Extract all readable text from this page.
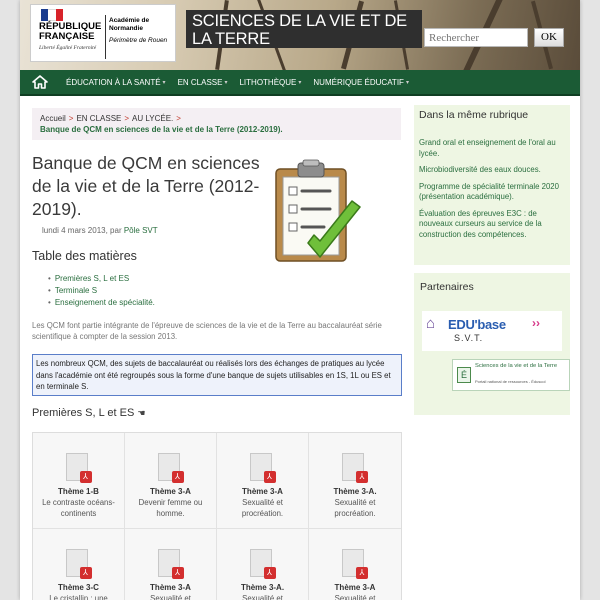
RÉPUBLIQUE FRANÇAISE
Liberté Égalité Fraternité
Académie de Normandie
Périmètre de Rouen
SCIENCES DE LA VIE ET DE LA TERRE
Rechercher	OK
ÉDUCATION À LA SANTÉ ▾ EN CLASSE ▾ LITHOTHÈQUE ▾ NUMÉRIQUE ÉDUCATIF ▾
Accueil > EN CLASSE > AU LYCÉE. >
Banque de QCM en sciences de la vie et de la Terre (2012-2019).
Banque de QCM en sciences de la vie et de la Terre (2012-2019).
lundi 4 mars 2013, par Pôle SVT
Table des matières
• Premières S, L et ES
• Terminale S
• Enseignement de spécialité.

Les QCM font partie intégrante de l'épreuve de sciences de la vie et de la Terre au baccalauréat série scientifique à compter de la session 2013.

Les nombreux QCM, des sujets de baccalauréat ou réalisés lors des échanges de pratiques au lycée dans l'académie ont été regroupés sous la forme d'une banque de sujets utilisables en 1S, 1L ou ES et en terminale S.
Premières S, L et ES ☚
⅄
Thème 1-B
Le contraste océans-continents
⅄
Thème 3-A
Devenir femme ou homme.
⅄
Thème 3-A
Sexualité et procréation.
⅄
Thème 3-A.
Sexualité et procréation.
⅄
Thème 3-C
Le cristallin : une
⅄
Thème 3-A
Sexualité et
⅄
Thème 3-A.
Sexualité et
⅄
Thème 3-A
Sexualité et
Dans la même rubrique
Grand oral et enseignement de l'oral au lycée.
Microbiodiversité des eaux douces.
Programme de spécialité terminale 2020 (présentation académique).
Évaluation des épreuves E3C : de nouveaux curseurs au service de la construction des compétences.
Partenaires
⌂ EDU'base ››
S.V.T.
É
Sciences de la vie et de la Terre
Portail national de ressources - Éduscol
